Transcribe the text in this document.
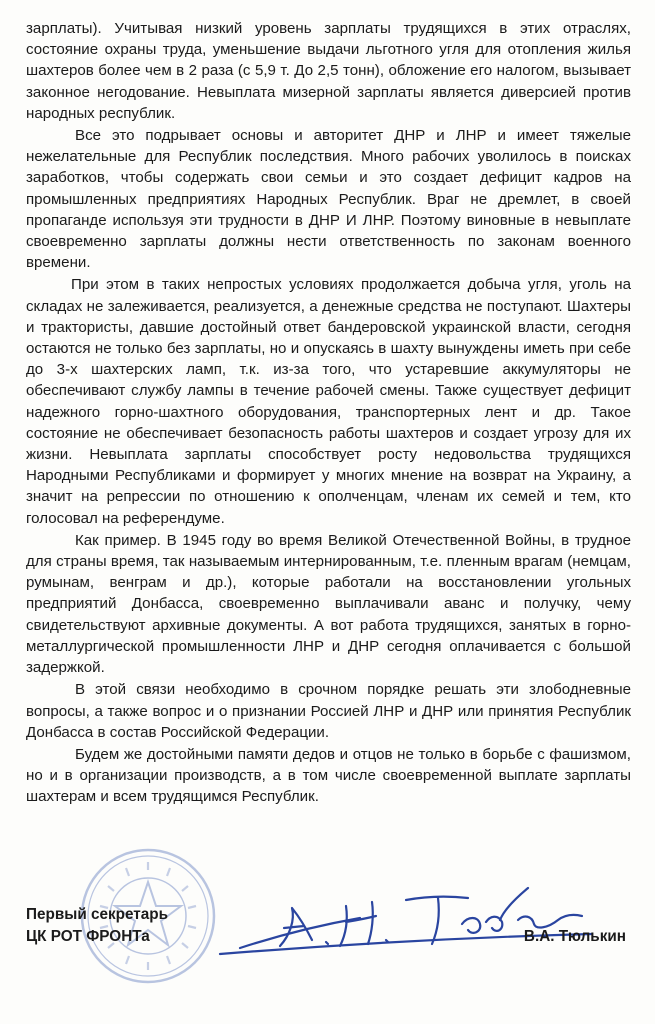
зарплаты). Учитывая низкий уровень зарплаты трудящихся в этих отраслях, состояние охраны труда, уменьшение выдачи льготного угля для отопления жилья шахтеров более чем в 2 раза (с 5,9 т. До 2,5 тонн), обложение его налогом, вызывает законное негодование. Невыплата мизерной зарплаты является диверсией против народных республик.

Все это подрывает основы и авторитет ДНР и ЛНР и имеет тяжелые нежелательные для Республик последствия. Много рабочих уволилось в поисках заработков, чтобы содержать свои семьи и это создает дефицит кадров на промышленных предприятиях Народных Республик. Враг не дремлет, в своей пропаганде используя эти трудности в ДНР И ЛНР. Поэтому виновные в невыплате своевременно зарплаты должны нести ответственность по законам военного времени.

При этом в таких непростых условиях продолжается добыча угля, уголь на складах не залеживается, реализуется, а денежные средства не поступают. Шахтеры и трактористы, давшие достойный ответ бандеровской украинской власти, сегодня остаются не только без зарплаты, но и опускаясь в шахту вынуждены иметь при себе до 3-х шахтерских ламп, т.к. из-за того, что устаревшие аккумуляторы не обеспечивают службу лампы в течение рабочей смены. Также существует дефицит надежного горно-шахтного оборудования, транспортерных лент и др. Такое состояние не обеспечивает безопасность работы шахтеров и создает угрозу для их жизни. Невыплата зарплаты способствует росту недовольства трудящихся Народными Республиками и формирует у многих мнение на возврат на Украину, а значит на репрессии по отношению к ополченцам, членам их семей и тем, кто голосовал на референдуме.

Как пример. В 1945 году во время Великой Отечественной Войны, в трудное для страны время, так называемым интернированным, т.е. пленным врагам (немцам, румынам, венграм и др.), которые работали на восстановлении угольных предприятий Донбасса, своевременно выплачивали аванс и получку, чему свидетельствуют архивные документы. А вот работа трудящихся, занятых в горно-металлургической промышленности ЛНР и ДНР сегодня оплачивается с большой задержкой.

В этой связи необходимо в срочном порядке решать эти злободневные вопросы, а также вопрос и о признании Россией ЛНР и ДНР или принятия Республик Донбасса в состав Российской Федерации.

Будем же достойными памяти дедов и отцов не только в борьбе с фашизмом, но и в организации производств, а в том числе своевременной выплате зарплаты шахтерам и всем трудящимся Республик.

Первый секретарь
ЦК РОТ ФРОНТа	В.А. Тюлькин
